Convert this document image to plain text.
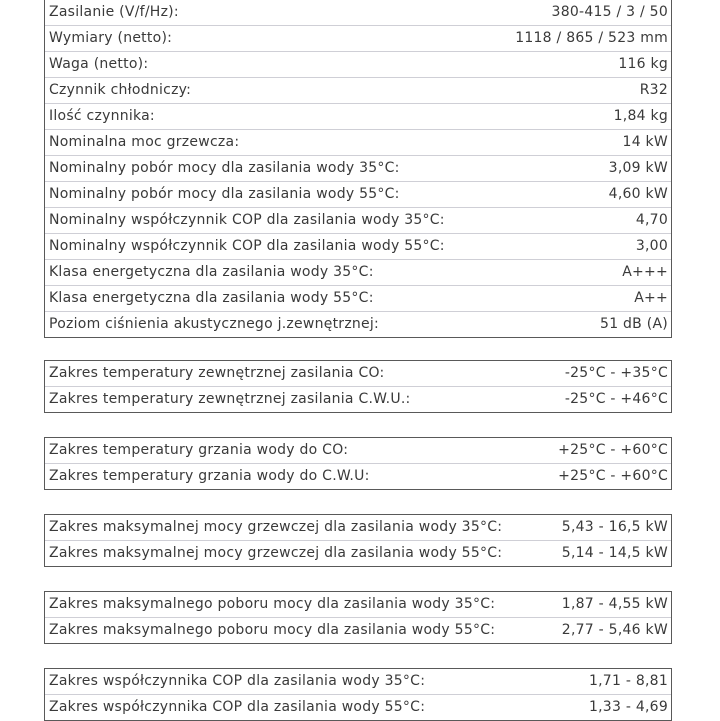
Zasilanie (V/f/Hz):	380-415 / 3 / 50
Wymiary (netto):	1118 / 865 / 523 mm
Waga (netto):	116 kg
Czynnik chłodniczy:	R32
Ilość czynnika:	1,84 kg
Nominalna moc grzewcza:	14 kW
Nominalny pobór mocy dla zasilania wody 35°C:	3,09 kW
Nominalny pobór mocy dla zasilania wody 55°C:	4,60 kW
Nominalny współczynnik COP dla zasilania wody 35°C:	4,70
Nominalny współczynnik COP dla zasilania wody 55°C:	3,00
Klasa energetyczna dla zasilania wody 35°C:	A+++
Klasa energetyczna dla zasilania wody 55°C:	A++
Poziom ciśnienia akustycznego j.zewnętrznej:	51 dB (A)
Zakres temperatury zewnętrznej zasilania CO:	-25°C - +35°C
Zakres temperatury zewnętrznej zasilania C.W.U.:	-25°C - +46°C
Zakres temperatury grzania wody do CO:	+25°C - +60°C
Zakres temperatury grzania wody do C.W.U:	+25°C - +60°C
Zakres maksymalnej mocy grzewczej dla zasilania wody 35°C:	5,43 - 16,5 kW
Zakres maksymalnej mocy grzewczej dla zasilania wody 55°C:	5,14 - 14,5 kW
Zakres maksymalnego poboru mocy dla zasilania wody 35°C:	1,87 - 4,55 kW
Zakres maksymalnego poboru mocy dla zasilania wody 55°C:	2,77 - 5,46 kW
Zakres współczynnika COP dla zasilania wody 35°C:	1,71 - 8,81
Zakres współczynnika COP dla zasilania wody 55°C:	1,33 - 4,69
